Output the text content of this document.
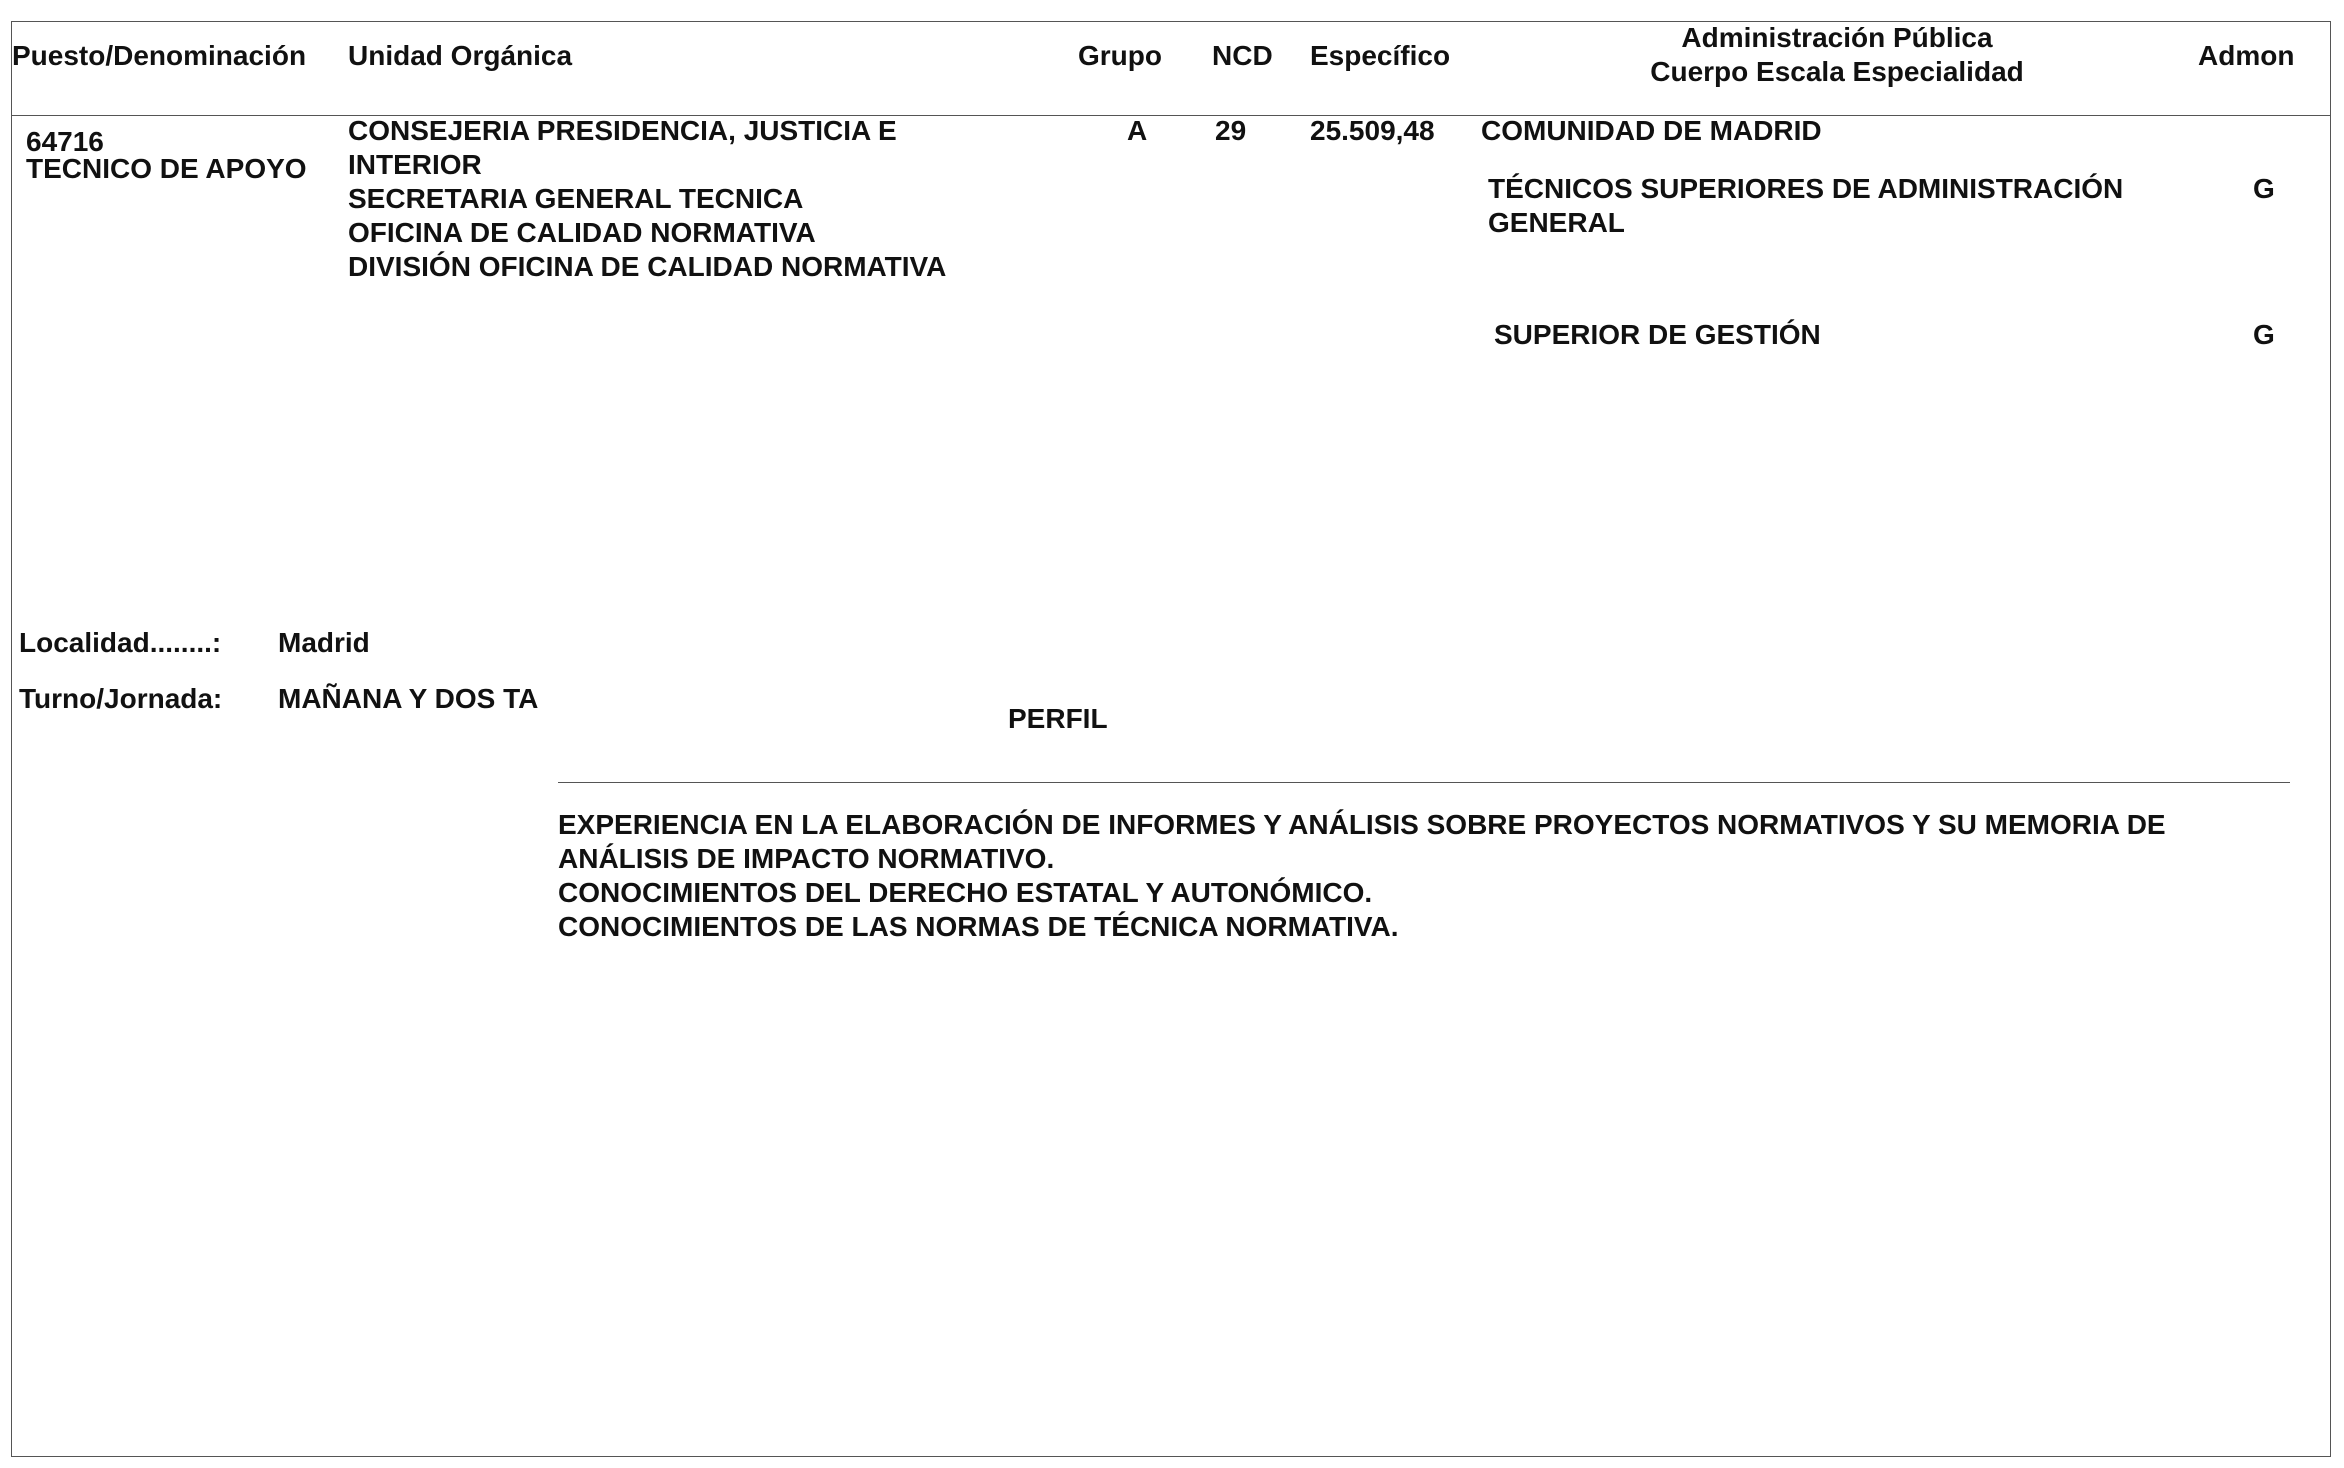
Puesto/Denominación Unidad Orgánica	Grupo NCD Específico
Administración Pública
Cuerpo Escala Especialidad
Admon
64716
TECNICO DE APOYO
CONSEJERIA PRESIDENCIA, JUSTICIA E
INTERIOR
SECRETARIA GENERAL TECNICA
OFICINA DE CALIDAD NORMATIVA
DIVISIÓN OFICINA DE CALIDAD NORMATIVA
A 29 25.509,48 COMUNIDAD DE MADRID
TÉCNICOS SUPERIORES DE ADMINISTRACIÓN
GENERAL
G
SUPERIOR DE GESTIÓN	G
Localidad........: Madrid
Turno/Jornada: MAÑANA Y DOS TA
PERFIL
EXPERIENCIA EN LA ELABORACIÓN DE INFORMES Y ANÁLISIS SOBRE PROYECTOS NORMATIVOS Y SU MEMORIA DE
ANÁLISIS DE IMPACTO NORMATIVO.
CONOCIMIENTOS DEL DERECHO ESTATAL Y AUTONÓMICO.
CONOCIMIENTOS DE LAS NORMAS DE TÉCNICA NORMATIVA.
